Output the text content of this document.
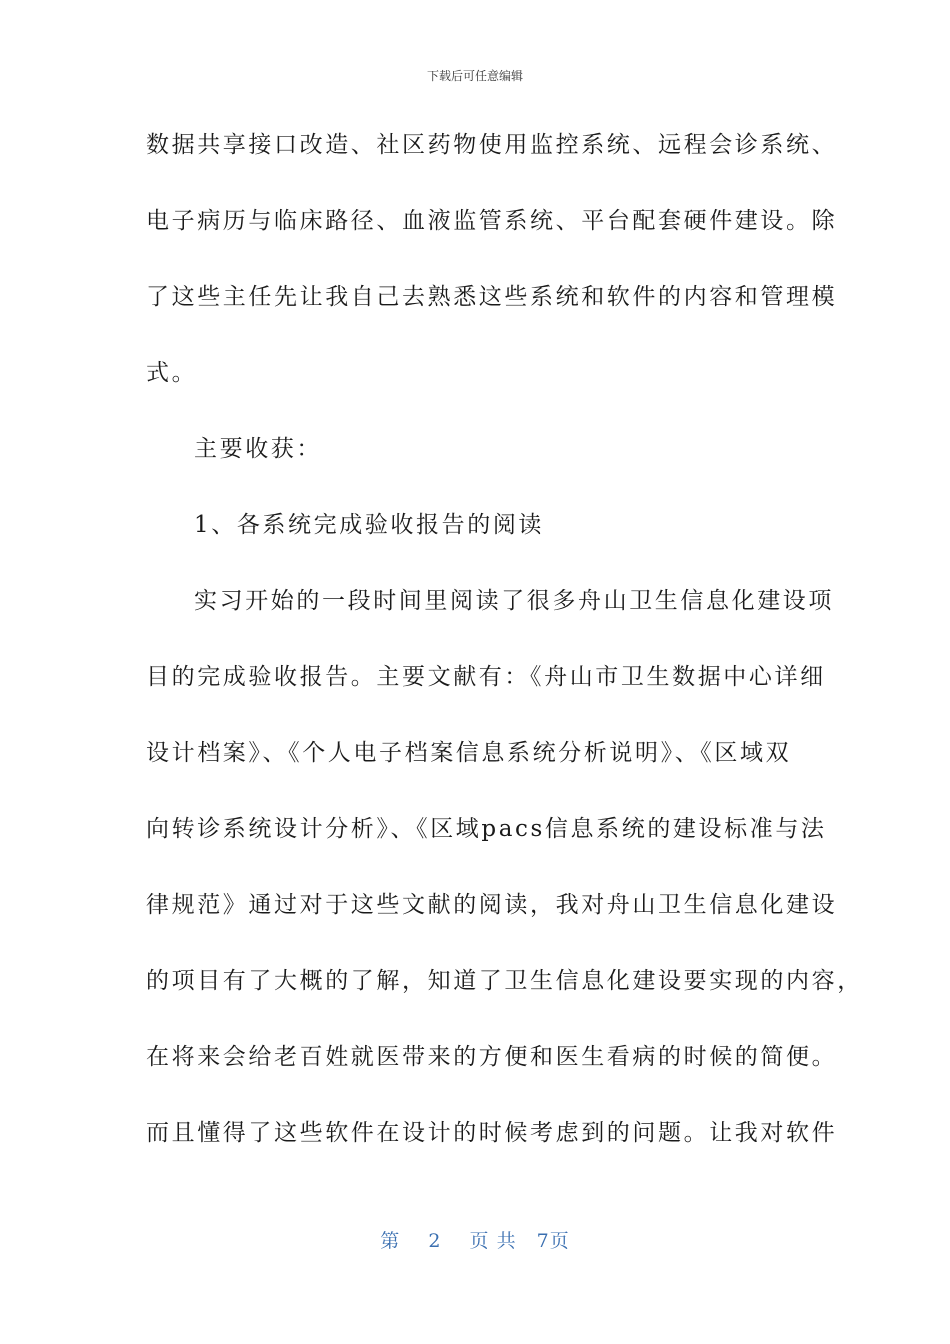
下载后可任意编辑
数据共享接口改造、社区药物使用监控系统、远程会诊系统、
电子病历与临床路径、血液监管系统、平台配套硬件建设。除
了这些主任先让我自己去熟悉这些系统和软件的内容和管理模
式。
主要收获：
1、各系统完成验收报告的阅读
实习开始的一段时间里阅读了很多舟山卫生信息化建设项
目的完成验收报告。主要文献有：《舟山市卫生数据中心详细
设计档案》、《个人电子档案信息系统分析说明》、《区域双
向转诊系统设计分析》、《区域pacs信息系统的建设标准与法
律规范》通过对于这些文献的阅读，我对舟山卫生信息化建设
的项目有了大概的了解，知道了卫生信息化建设要实现的内容，
在将来会给老百姓就医带来的方便和医生看病的时候的简便。
而且懂得了这些软件在设计的时候考虑到的问题。让我对软件
第 2 页 共 7页
